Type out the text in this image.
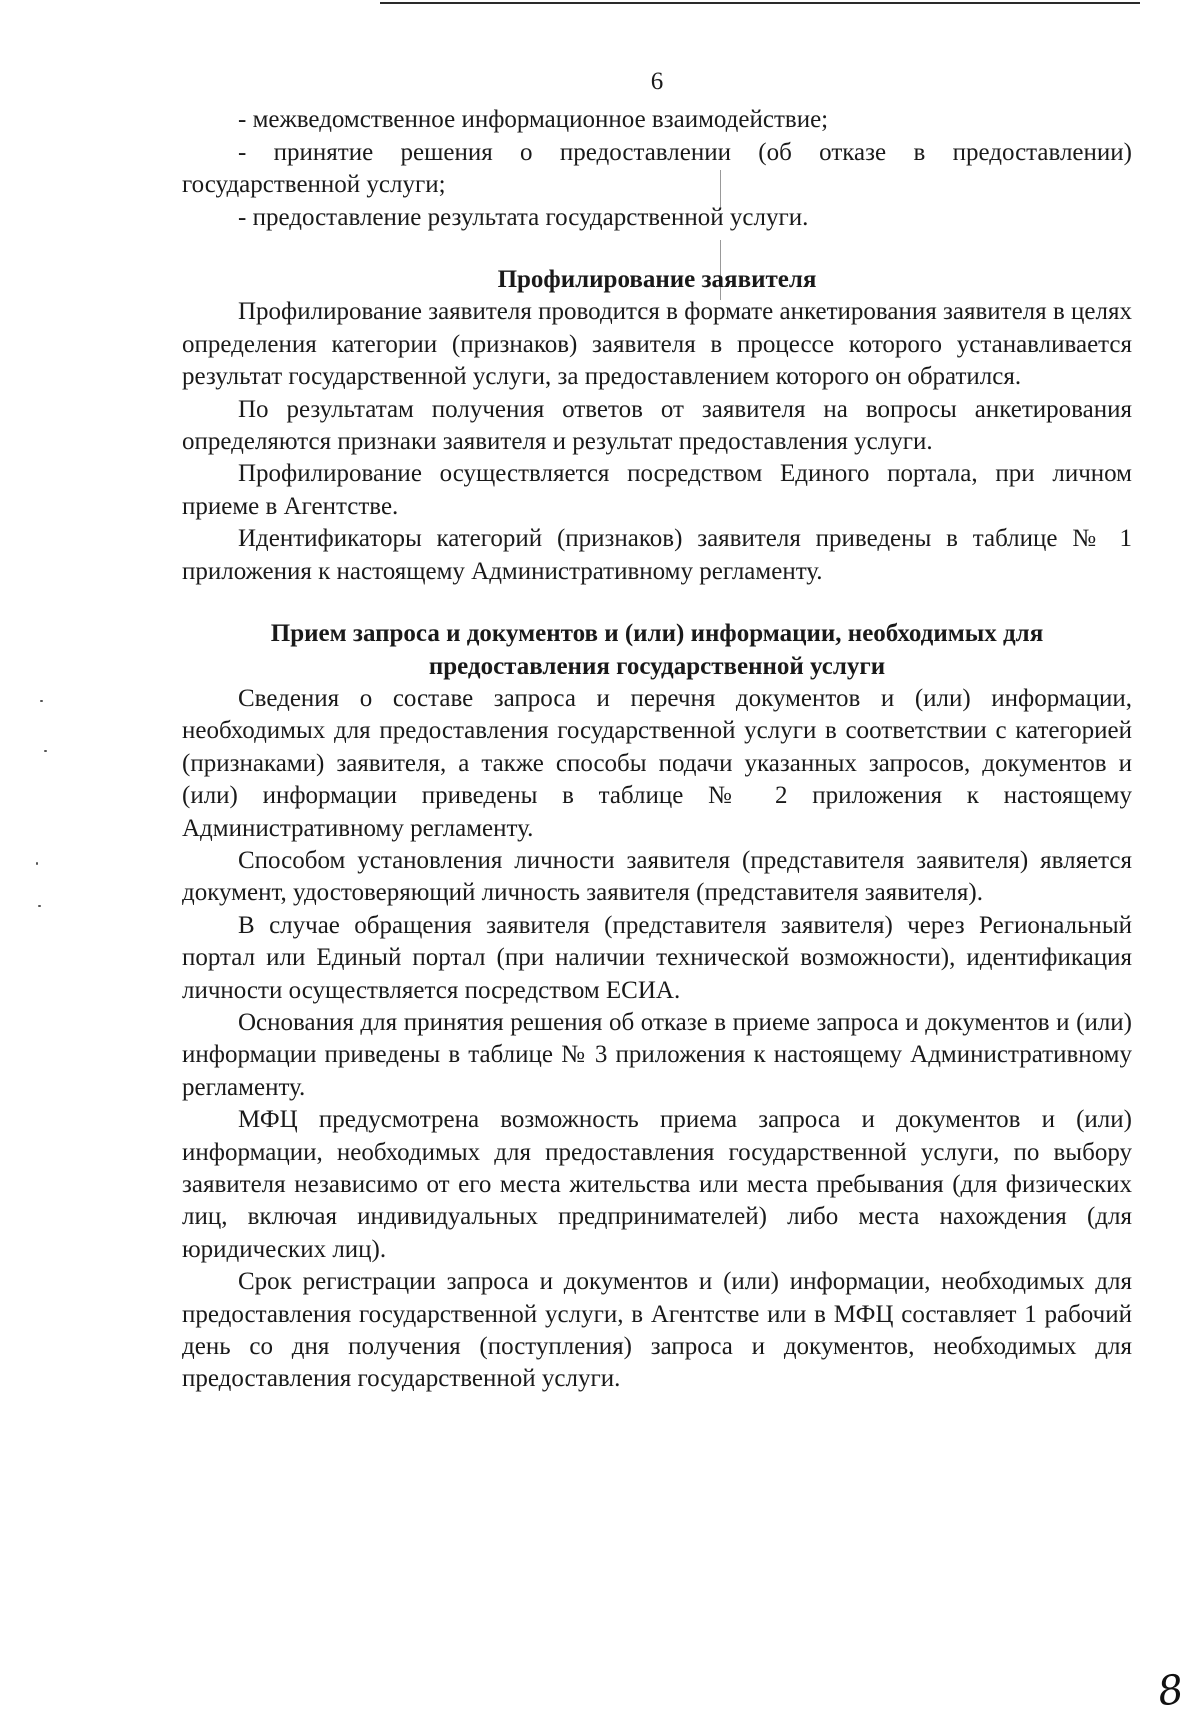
6

- межведомственное информационное взаимодействие;

- принятие решения о предоставлении (об отказе в предоставлении) государственной услуги;

- предоставление результата государственной услуги.

Профилирование заявителя

Профилирование заявителя проводится в формате анкетирования заявителя в целях определения категории (признаков) заявителя в процессе которого устанавливается результат государственной услуги, за предоставлением которого он обратился.

По результатам получения ответов от заявителя на вопросы анкетирования определяются признаки заявителя и результат предоставления услуги.

Профилирование осуществляется посредством Единого портала, при личном приеме в Агентстве.

Идентификаторы категорий (признаков) заявителя приведены в таблице № 1 приложения к настоящему Административному регламенту.

Прием запроса и документов и (или) информации, необходимых для предоставления государственной услуги

Сведения о составе запроса и перечня документов и (или) информации, необходимых для предоставления государственной услуги в соответствии с категорией (признаками) заявителя, а также способы подачи указанных запросов, документов и (или) информации приведены в таблице № 2 приложения к настоящему Административному регламенту.

Способом установления личности заявителя (представителя заявителя) является документ, удостоверяющий личность заявителя (представителя заявителя).

В случае обращения заявителя (представителя заявителя) через Региональный портал или Единый портал (при наличии технической возможности), идентификация личности осуществляется посредством ЕСИА.

Основания для принятия решения об отказе в приеме запроса и документов и (или) информации приведены в таблице № 3 приложения к настоящему Административному регламенту.

МФЦ предусмотрена возможность приема запроса и документов и (или) информации, необходимых для предоставления государственной услуги, по выбору заявителя независимо от его места жительства или места пребывания (для физических лиц, включая индивидуальных предпринимателей) либо места нахождения (для юридических лиц).

Срок регистрации запроса и документов и (или) информации, необходимых для предоставления государственной услуги, в Агентстве или в МФЦ составляет 1 рабочий день со дня получения (поступления) запроса и документов, необходимых для предоставления государственной услуги.

8
